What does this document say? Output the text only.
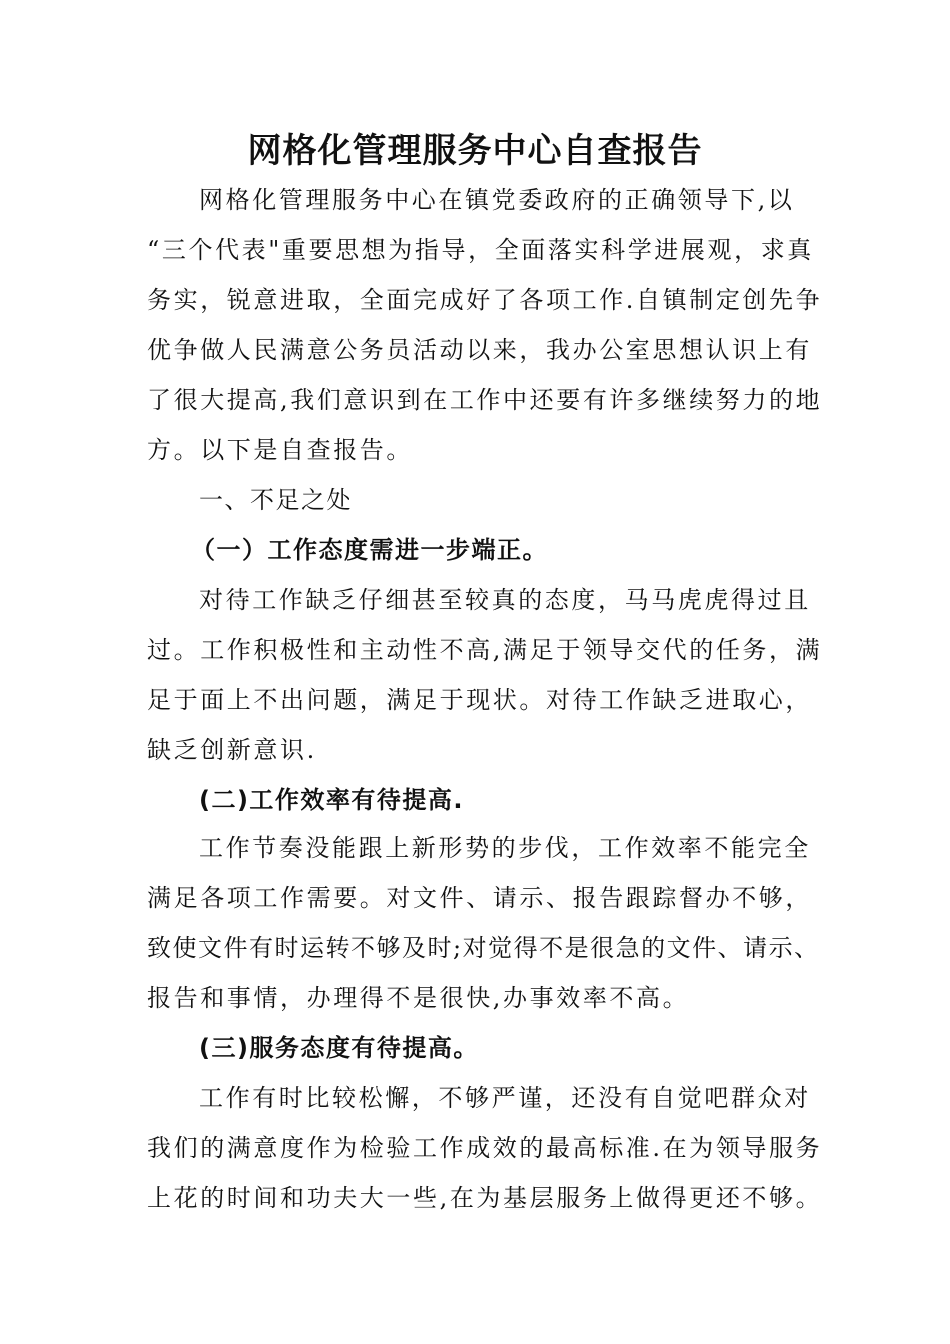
网格化管理服务中心自查报告
网格化管理服务中心在镇党委政府的正确领导下,以
“三个代表"重要思想为指导，全面落实科学进展观，求真
务实，锐意进取，全面完成好了各项工作.自镇制定创先争
优争做人民满意公务员活动以来，我办公室思想认识上有
了很大提高,我们意识到在工作中还要有许多继续努力的地
方。以下是自查报告。
一、不足之处
（一）工作态度需进一步端正。
对待工作缺乏仔细甚至较真的态度，马马虎虎得过且
过。工作积极性和主动性不高,满足于领导交代的任务，满
足于面上不出问题，满足于现状。对待工作缺乏进取心，
缺乏创新意识.
(二)工作效率有待提高.
工作节奏没能跟上新形势的步伐，工作效率不能完全
满足各项工作需要。对文件、请示、报告跟踪督办不够，
致使文件有时运转不够及时;对觉得不是很急的文件、请示、
报告和事情，办理得不是很快,办事效率不高。
(三)服务态度有待提高。
工作有时比较松懈，不够严谨，还没有自觉吧群众对
我们的满意度作为检验工作成效的最高标准.在为领导服务
上花的时间和功夫大一些,在为基层服务上做得更还不够。
